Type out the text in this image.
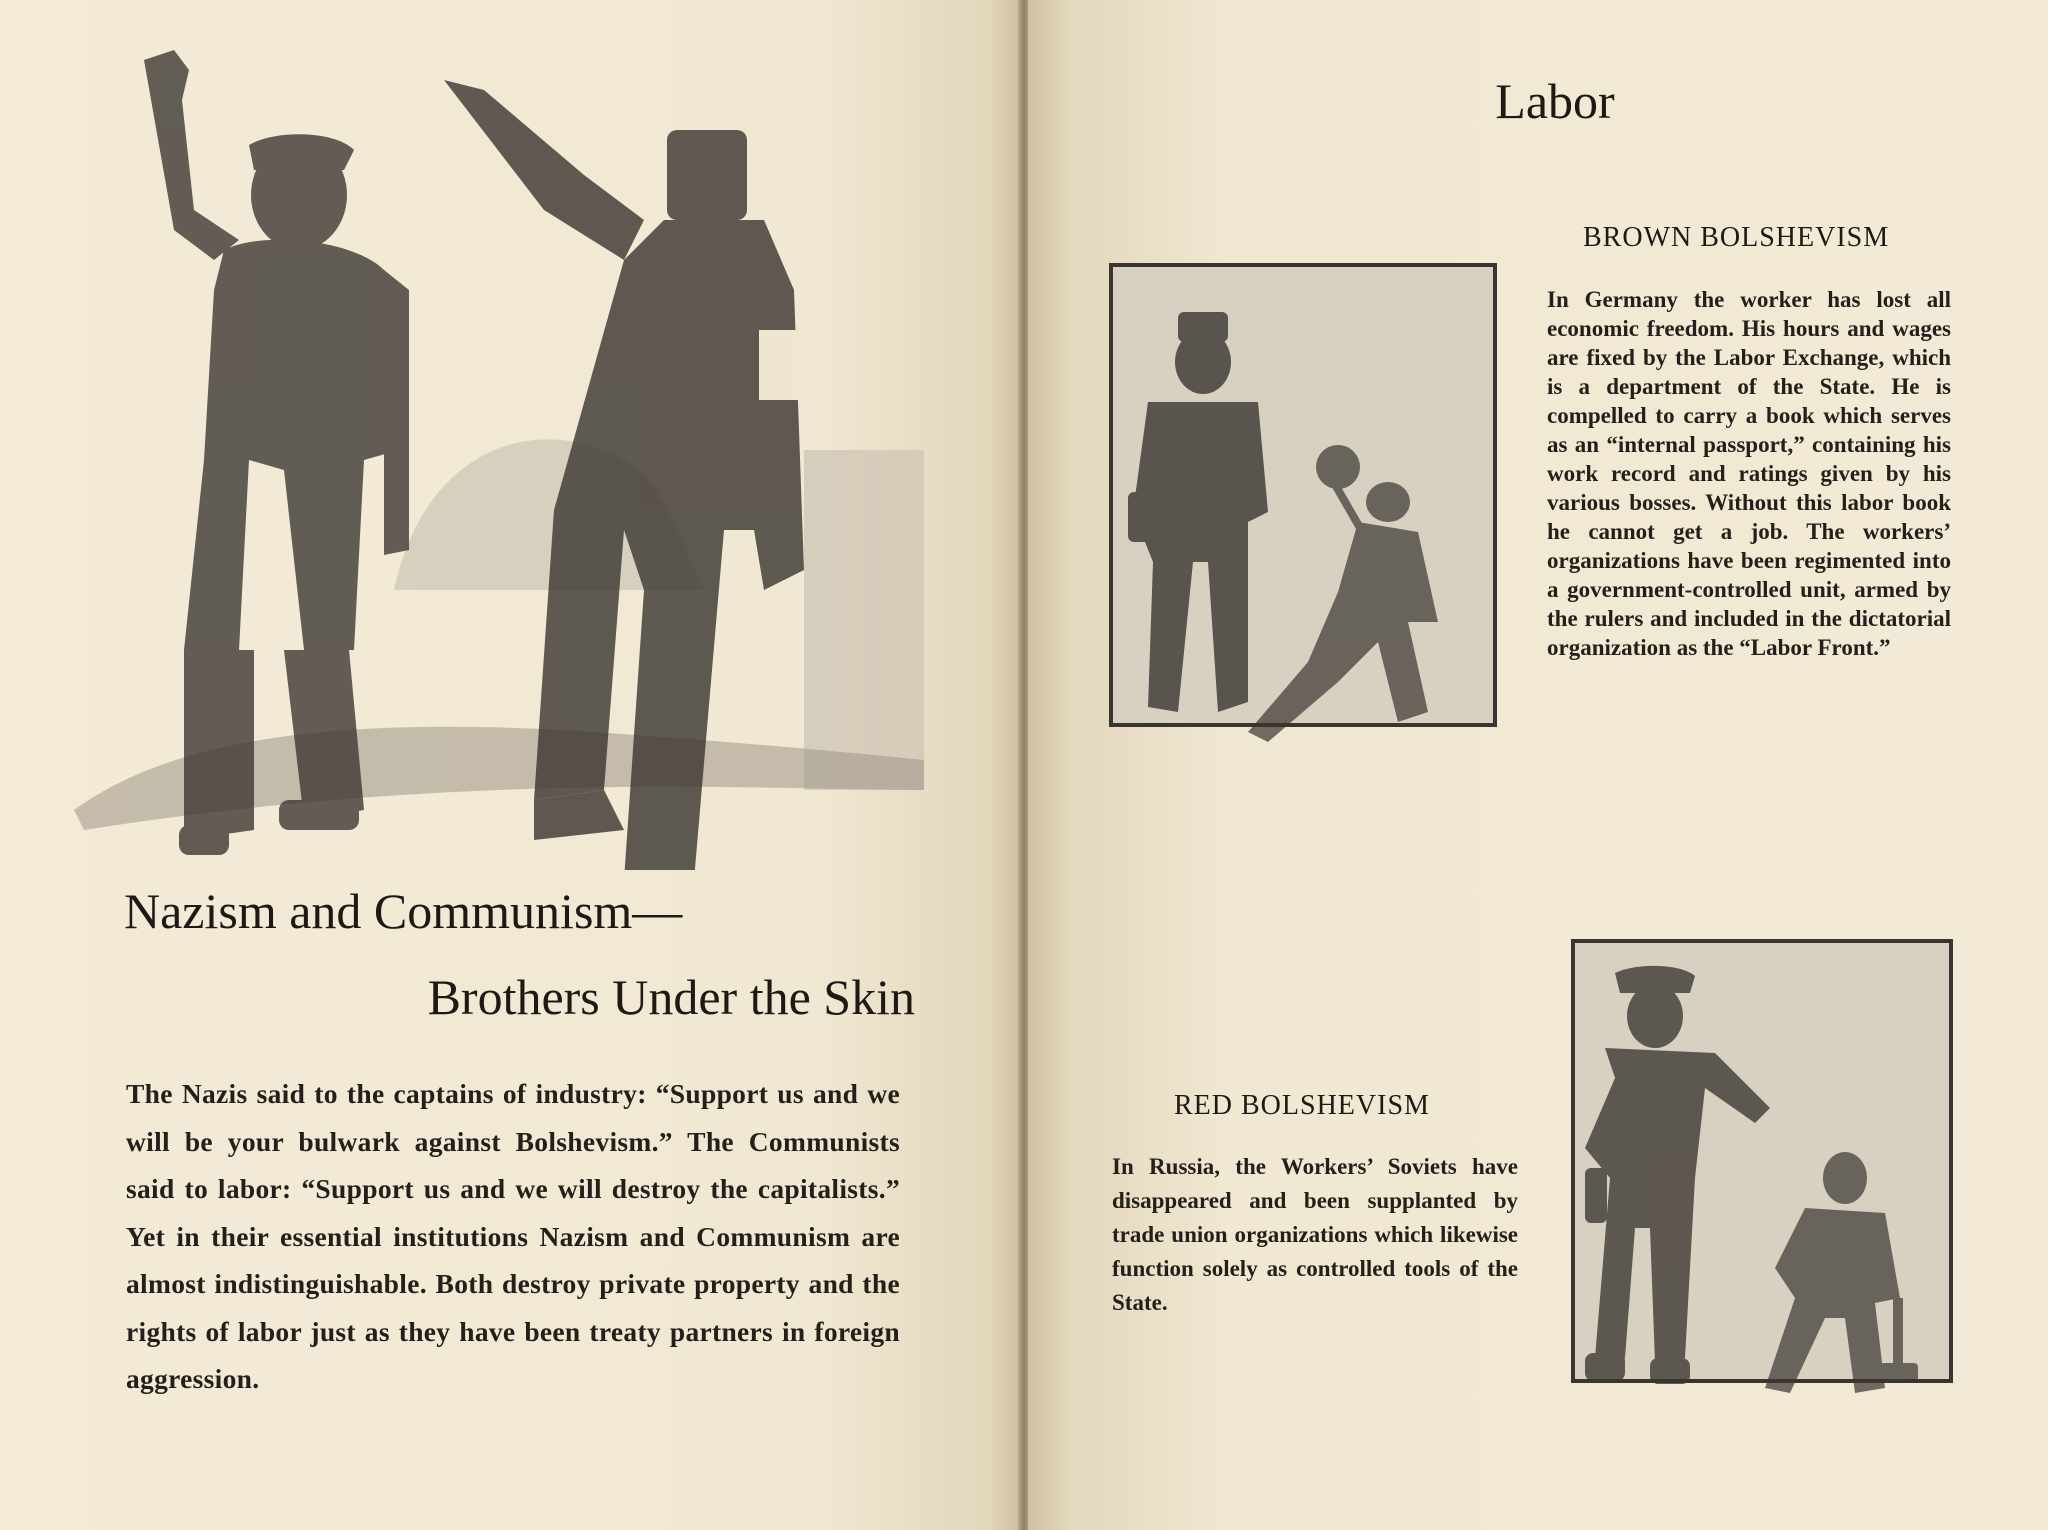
Nazism and Communism—
Brothers Under the Skin
The Nazis said to the captains of industry: “Support us and we will be your bulwark against Bolshevism.” The Communists said to labor: “Support us and we will destroy the capitalists.” Yet in their essential institutions Nazism and Communism are almost indistinguishable. Both destroy private property and the rights of labor just as they have been treaty partners in foreign aggression.
Labor
BROWN BOLSHEVISM
In Germany the worker has lost all economic freedom. His hours and wages are fixed by the Labor Exchange, which is a department of the State. He is compelled to carry a book which serves as an “internal passport,” containing his work record and ratings given by his various bosses. Without this labor book he cannot get a job. The workers’ organizations have been regimented into a government-controlled unit, armed by the rulers and included in the dictatorial organization as the “Labor Front.”
RED BOLSHEVISM
In Russia, the Workers’ Soviets have disappeared and been supplanted by trade union organizations which likewise function solely as controlled tools of the State.
